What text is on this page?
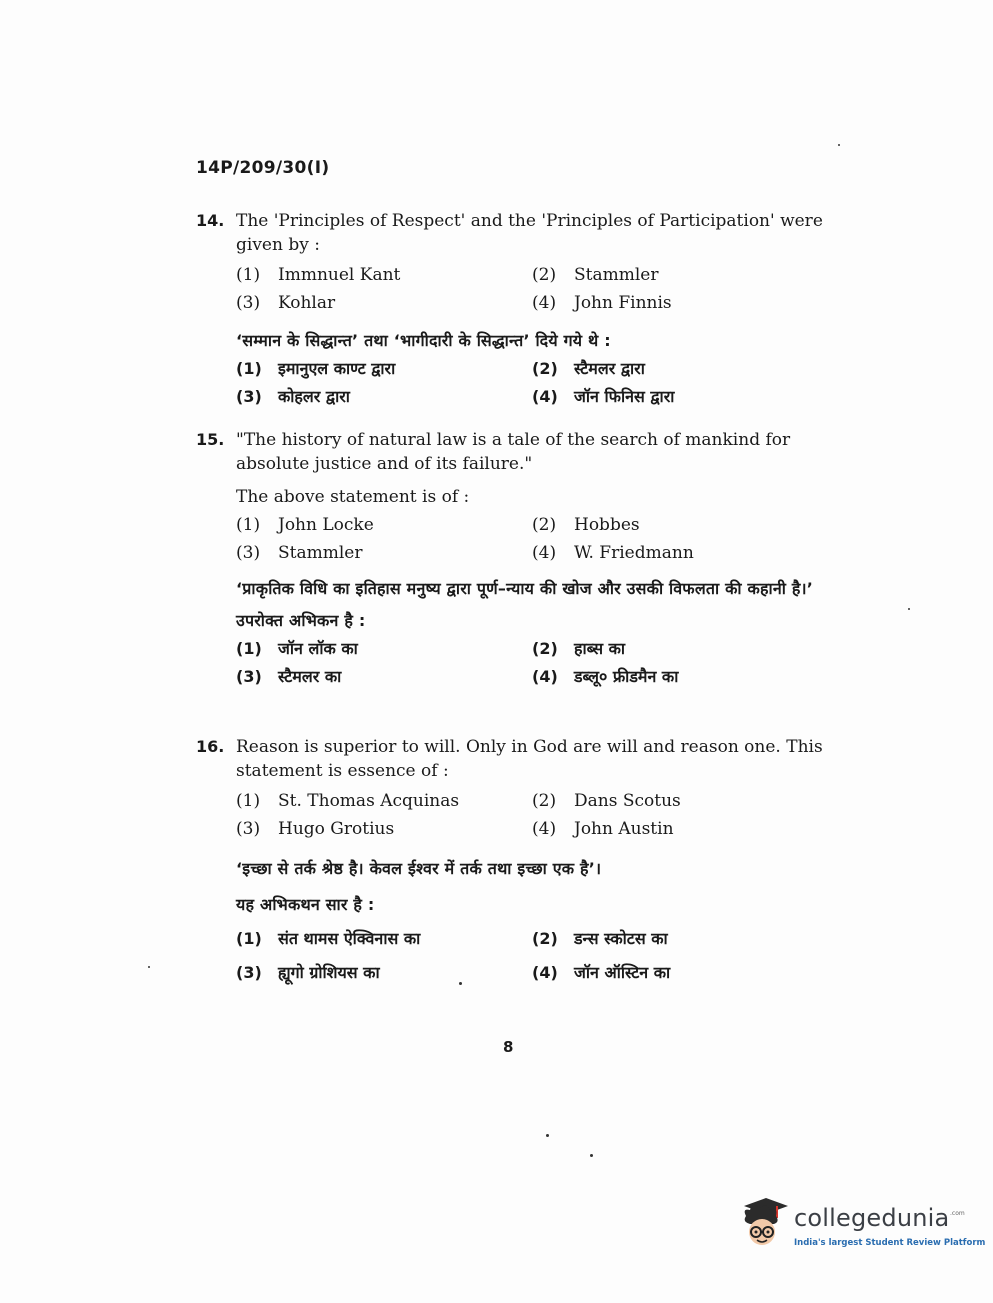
14P/209/30(I)
14. The 'Principles of Respect' and the 'Principles of Participation' were given by :
(1)	Immnuel Kant	(2)	Stammler
(3)	Kohlar	(4)	John Finnis
‘सम्मान के सिद्धान्त’ तथा ‘भागीदारी के सिद्धान्त’ दिये गये थे :
(1)	इमानुएल काण्ट द्वारा	(2)	स्टैमलर द्वारा
(3)	कोहलर द्वारा	(4)	जॉन फिनिस द्वारा
15. "The history of natural law is a tale of the search of mankind for absolute justice and of its failure."
The above statement is of :
(1)	John Locke	(2)	Hobbes
(3)	Stammler	(4)	W. Friedmann
‘प्राकृतिक विधि का इतिहास मनुष्य द्वारा पूर्ण–न्याय की खोज और उसकी विफलता की कहानी है।’
उपरोक्त अभिकन है :
(1)	जॉन लॉक का	(2)	हाब्स का
(3)	स्टैमलर का	(4)	डब्लू० फ्रीडमैन का
16. Reason is superior to will. Only in God are will and reason one. This statement is essence of :
(1)	St. Thomas Acquinas	(2)	Dans Scotus
(3)	Hugo Grotius	(4)	John Austin
‘इच्छा से तर्क श्रेष्ठ है। केवल ईश्वर में तर्क तथा इच्छा एक है’।
यह अभिकथन सार है :
(1)	संत थामस ऐक्विनास का	(2)	डन्स स्कोटस का
(3)	ह्यूगो ग्रोशियस का	(4)	जॉन ऑस्टिन का
8
collegedunia .com
India's largest Student Review Platform
